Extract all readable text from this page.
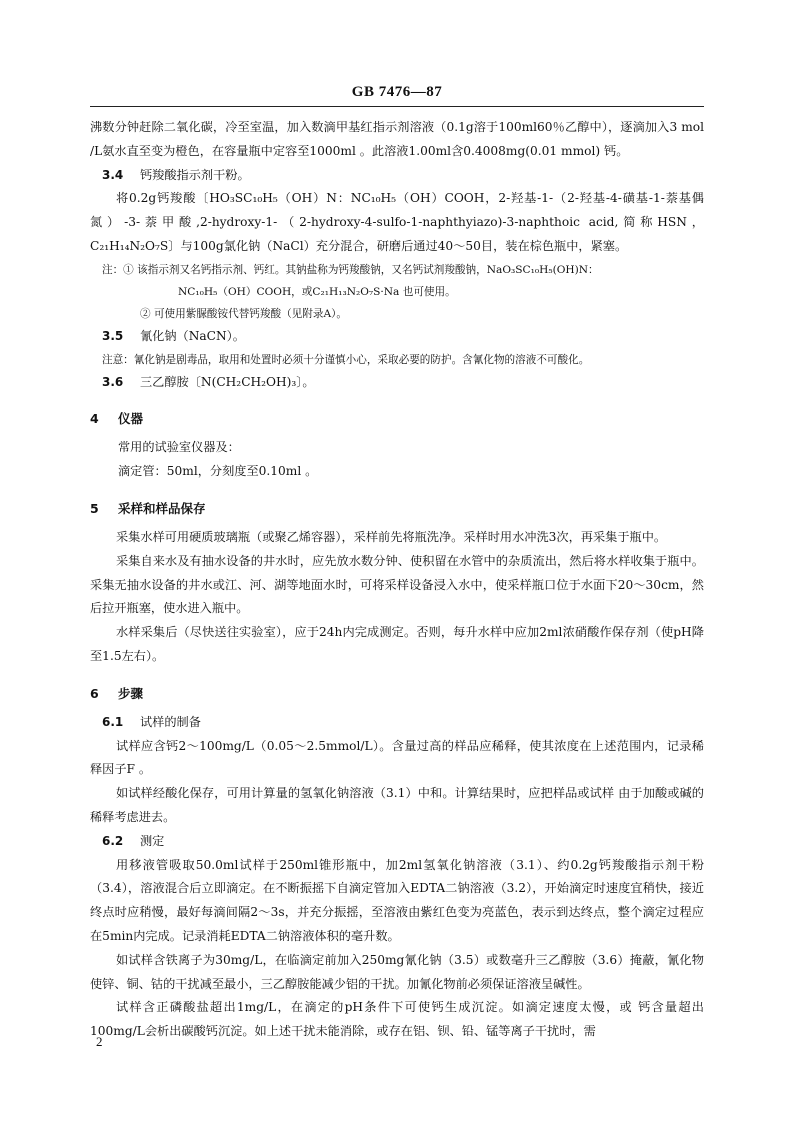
GB 7476—87

沸数分钟赶除二氧化碳，冷至室温，加入数滴甲基红指示剂溶液（0.1g溶于100ml60％乙醇中），逐滴加入3 mol /L氨水直至变为橙色，在容量瓶中定容至1000ml 。此溶液1.00ml含0.4008mg(0.01 mmol) 钙。

3.4 钙羧酸指示剂干粉。

将0.2g钙羧酸〔HO₃SC₁₀H₅（OH）N：NC₁₀H₅（OH）COOH，2-羟基-1-（2-羟基-4-磺基-1-萘基偶氮）-3-萘甲酸,2-hydroxy-1-（2-hydroxy-4-sulfo-1-naphthyiazo)-3-naphthoic acid,简称HSN，C₂₁H₁₄N₂O₇S〕与100g氯化钠（NaCl）充分混合，研磨后通过40～50目，装在棕色瓶中，紧塞。

注：① 该指示剂又名钙指示剂、钙红。其钠盐称为钙羧酸钠，又名钙试剂羧酸钠，NaO₃SC₁₀H₅(OH)N：

NC₁₀H₅（OH）COOH，或C₂₁H₁₃N₂O₇S·Na 也可使用。

② 可使用紫脲酸铵代替钙羧酸（见附录A）。

3.5 氰化钠（NaCN）。

注意：氰化钠是剧毒品，取用和处置时必须十分谨慎小心，采取必要的防护。含氰化物的溶液不可酸化。

3.6 三乙醇胺〔N(CH₂CH₂OH)₃〕。

4 仪器

常用的试验室仪器及：

滴定管：50ml，分刻度至0.10ml 。

5 采样和样品保存

采集水样可用硬质玻璃瓶（或聚乙烯容器），采样前先将瓶洗净。采样时用水冲洗3次，再采集于瓶中。

采集自来水及有抽水设备的井水时，应先放水数分钟、使积留在水管中的杂质流出，然后将水样收集于瓶中。采集无抽水设备的井水或江、河、湖等地面水时，可将采样设备浸入水中，使采样瓶口位于水面下20～30cm，然后拉开瓶塞，使水进入瓶中。

水样采集后（尽快送往实验室），应于24h内完成测定。否则，每升水样中应加2ml浓硝酸作保存剂（使pH降至1.5左右）。

6 步骤

6.1 试样的制备

试样应含钙2～100mg/L（0.05～2.5mmol/L）。含量过高的样品应稀释，使其浓度在上述范围内，记录稀释因子F 。

如试样经酸化保存，可用计算量的氢氧化钠溶液（3.1）中和。计算结果时，应把样品或试样 由于加酸或碱的稀释考虑进去。

6.2 测定

用移液管吸取50.0ml试样于250ml锥形瓶中，加2ml氢氧化钠溶液（3.1）、约0.2g钙羧酸指示剂干粉（3.4），溶液混合后立即滴定。在不断振摇下自滴定管加入EDTA二钠溶液（3.2），开始滴定时速度宜稍快，接近终点时应稍慢，最好每滴间隔2～3s，并充分振摇，至溶液由紫红色变为亮蓝色，表示到达终点，整个滴定过程应在5min内完成。记录消耗EDTA二钠溶液体积的毫升数。

如试样含铁离子为30mg/L，在临滴定前加入250mg氰化钠（3.5）或数毫升三乙醇胺（3.6）掩蔽，氰化物使锌、铜、钴的干扰减至最小，三乙醇胺能减少铝的干扰。加氰化物前必须保证溶液呈碱性。

试样含正磷酸盐超出1mg/L，在滴定的pH条件下可使钙生成沉淀。如滴定速度太慢，或 钙含量超出100mg/L会析出碳酸钙沉淀。如上述干扰未能消除，或存在铝、钡、铅、锰等离子干扰时，需

2
